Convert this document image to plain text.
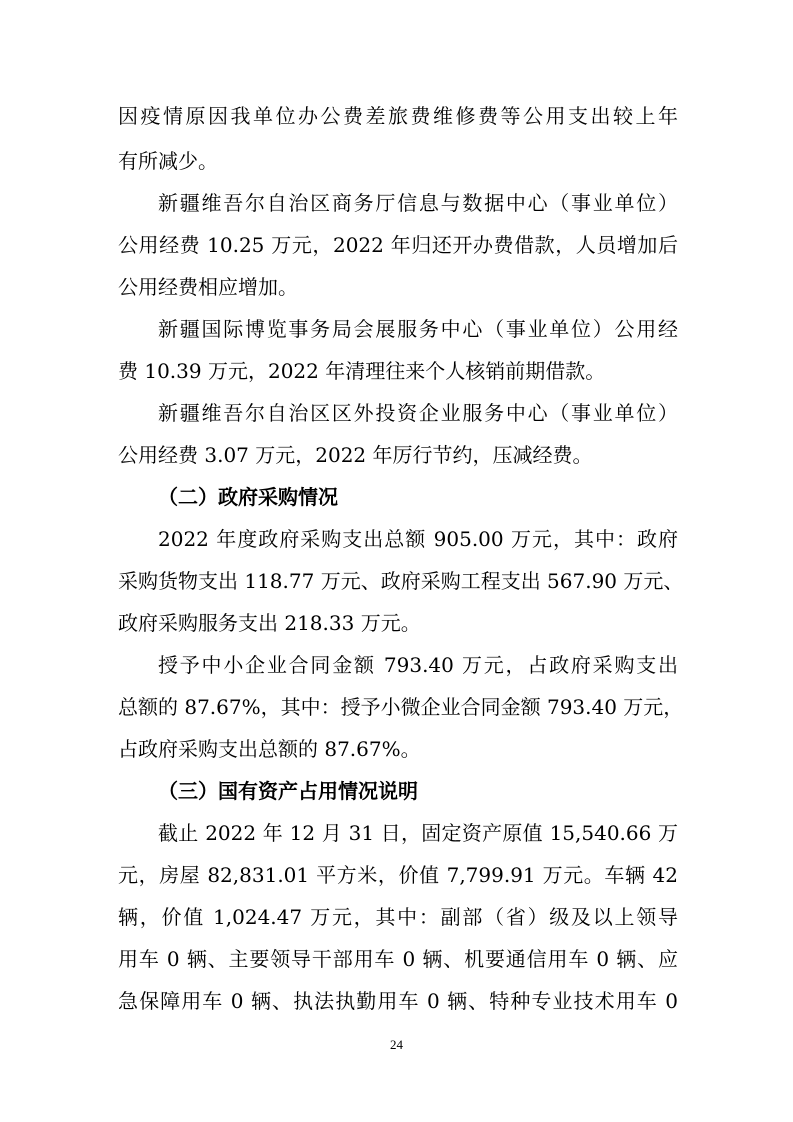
因疫情原因我单位办公费差旅费维修费等公用支出较上年
有所减少。
新疆维吾尔自治区商务厅信息与数据中心（事业单位）
公用经费 10.25 万元，2022 年归还开办费借款，人员增加后
公用经费相应增加。
新疆国际博览事务局会展服务中心（事业单位）公用经
费 10.39 万元，2022 年清理往来个人核销前期借款。
新疆维吾尔自治区区外投资企业服务中心（事业单位）
公用经费 3.07 万元，2022 年厉行节约，压减经费。
（二）政府采购情况
2022 年度政府采购支出总额 905.00 万元，其中：政府
采购货物支出 118.77 万元、政府采购工程支出 567.90 万元、
政府采购服务支出 218.33 万元。
授予中小企业合同金额 793.40 万元，占政府采购支出
总额的 87.67%，其中：授予小微企业合同金额 793.40 万元，
占政府采购支出总额的 87.67%。
（三）国有资产占用情况说明
截止 2022 年 12 月 31 日，固定资产原值 15,540.66 万
元，房屋 82,831.01 平方米，价值 7,799.91 万元。车辆 42
辆，价值 1,024.47 万元，其中：副部（省）级及以上领导
用车 0 辆、主要领导干部用车 0 辆、机要通信用车 0 辆、应
急保障用车 0 辆、执法执勤用车 0 辆、特种专业技术用车 0
24
